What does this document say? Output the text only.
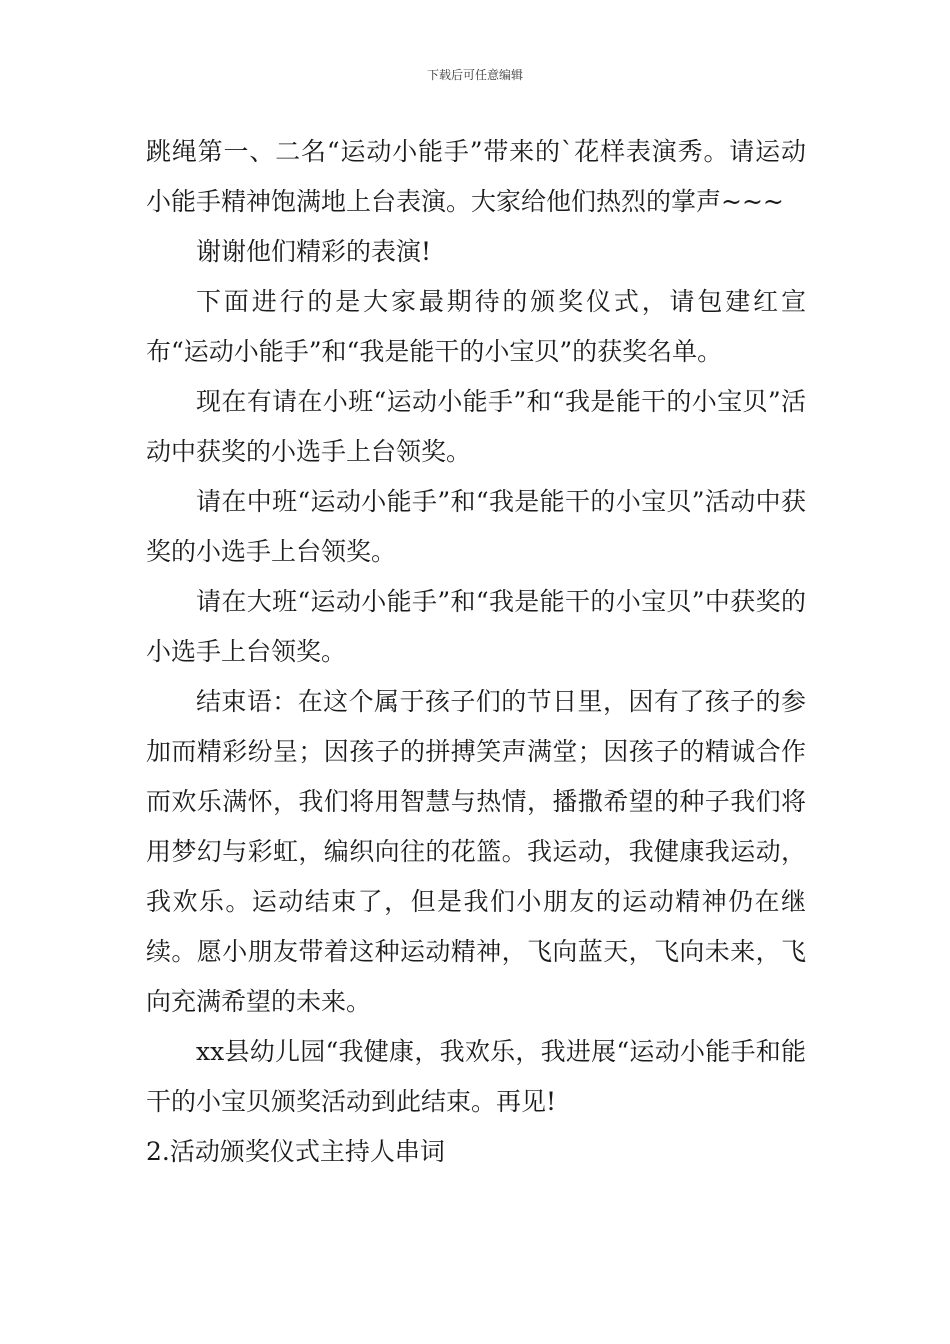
下载后可任意编辑

跳绳第一、二名“运动小能手”带来的`花样表演秀。请运动小能手精神饱满地上台表演。大家给他们热烈的掌声~~~

谢谢他们精彩的表演!

下面进行的是大家最期待的颁奖仪式，请包建红宣布“运动小能手”和“我是能干的小宝贝”的获奖名单。

现在有请在小班“运动小能手”和“我是能干的小宝贝”活动中获奖的小选手上台领奖。

请在中班“运动小能手”和“我是能干的小宝贝”活动中获奖的小选手上台领奖。

请在大班“运动小能手”和“我是能干的小宝贝”中获奖的小选手上台领奖。

结束语：在这个属于孩子们的节日里，因有了孩子的参加而精彩纷呈；因孩子的拼搏笑声满堂；因孩子的精诚合作而欢乐满怀，我们将用智慧与热情，播撒希望的种子我们将用梦幻与彩虹，编织向往的花篮。我运动，我健康我运动，我欢乐。运动结束了，但是我们小朋友的运动精神仍在继续。愿小朋友带着这种运动精神，飞向蓝天，飞向未来，飞向充满希望的未来。

xx县幼儿园“我健康，我欢乐，我进展“运动小能手和能干的小宝贝颁奖活动到此结束。再见!

2.活动颁奖仪式主持人串词
